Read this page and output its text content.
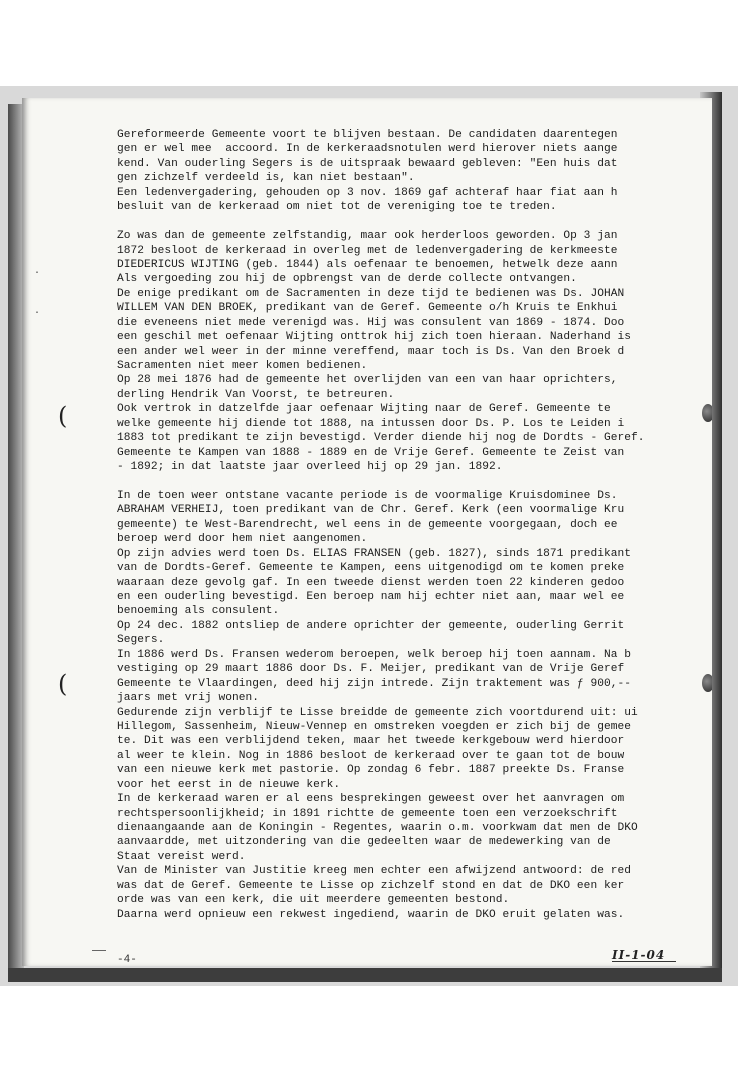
Gereformeerde Gemeente voort te blijven bestaan. De candidaten daarentegen
gen er wel mee  accoord. In de kerkeraadsnotulen werd hierover niets aange
kend. Van ouderling Segers is de uitspraak bewaard gebleven: "Een huis dat
gen zichzelf verdeeld is, kan niet bestaan".
Een ledenvergadering, gehouden op 3 nov. 1869 gaf achteraf haar fiat aan h
besluit van de kerkeraad om niet tot de vereniging toe te treden.
Zo was dan de gemeente zelfstandig, maar ook herderloos geworden. Op 3 jan
1872 besloot de kerkeraad in overleg met de ledenvergadering de kerkmeeste
DIEDERICUS WIJTING (geb. 1844) als oefenaar te benoemen, hetwelk deze aann
Als vergoeding zou hij de opbrengst van de derde collecte ontvangen.
De enige predikant om de Sacramenten in deze tijd te bedienen was Ds. JOHAN
WILLEM VAN DEN BROEK, predikant van de Geref. Gemeente o/h Kruis te Enkhui
die eveneens niet mede verenigd was. Hij was consulent van 1869 - 1874. Doo
een geschil met oefenaar Wijting onttrok hij zich toen hieraan. Naderhand is
een ander wel weer in der minne vereffend, maar toch is Ds. Van den Broek d
Sacramenten niet meer komen bedienen.
Op 28 mei 1876 had de gemeente het overlijden van een van haar oprichters,
derling Hendrik Van Voorst, te betreuren.
Ook vertrok in datzelfde jaar oefenaar Wijting naar de Geref. Gemeente te
welke gemeente hij diende tot 1888, na intussen door Ds. P. Los te Leiden i
1883 tot predikant te zijn bevestigd. Verder diende hij nog de Dordts - Geref.
Gemeente te Kampen van 1888 - 1889 en de Vrije Geref. Gemeente te Zeist van
- 1892; in dat laatste jaar overleed hij op 29 jan. 1892.
In de toen weer ontstane vacante periode is de voormalige Kruisdominee Ds.
ABRAHAM VERHEIJ, toen predikant van de Chr. Geref. Kerk (een voormalige Kru
gemeente) te West-Barendrecht, wel eens in de gemeente voorgegaan, doch ee
beroep werd door hem niet aangenomen.
Op zijn advies werd toen Ds. ELIAS FRANSEN (geb. 1827), sinds 1871 predikant
van de Dordts-Geref. Gemeente te Kampen, eens uitgenodigd om te komen preke
waaraan deze gevolg gaf. In een tweede dienst werden toen 22 kinderen gedoo
en een ouderling bevestigd. Een beroep nam hij echter niet aan, maar wel ee
benoeming als consulent.
Op 24 dec. 1882 ontsliep de andere oprichter der gemeente, ouderling Gerrit
Segers.
In 1886 werd Ds. Fransen wederom beroepen, welk beroep hij toen aannam. Na b
vestiging op 29 maart 1886 door Ds. F. Meijer, predikant van de Vrije Geref
Gemeente te Vlaardingen, deed hij zijn intrede. Zijn traktement was ƒ 900,--
jaars met vrij wonen.
Gedurende zijn verblijf te Lisse breidde de gemeente zich voortdurend uit: ui
Hillegom, Sassenheim, Nieuw-Vennep en omstreken voegden er zich bij de gemee
te. Dit was een verblijdend teken, maar het tweede kerkgebouw werd hierdoor
al weer te klein. Nog in 1886 besloot de kerkeraad over te gaan tot de bouw
van een nieuwe kerk met pastorie. Op zondag 6 febr. 1887 preekte Ds. Franse
voor het eerst in de nieuwe kerk.
In de kerkeraad waren er al eens besprekingen geweest over het aanvragen om
rechtspersoonlijkheid; in 1891 richtte de gemeente toen een verzoekschrift
dienaangaande aan de Koningin - Regentes, waarin o.m. voorkwam dat men de DKO
aanvaardde, met uitzondering van die gedeelten waar de medewerking van de
Staat vereist werd.
Van de Minister van Justitie kreeg men echter een afwijzend antwoord: de red
was dat de Geref. Gemeente te Lisse op zichzelf stond en dat de DKO een ker
orde was van een kerk, die uit meerdere gemeenten bestond.
Daarna werd opnieuw een rekwest ingediend, waarin de DKO eruit gelaten was.
(
(
·
·
-4-	II-1-04
